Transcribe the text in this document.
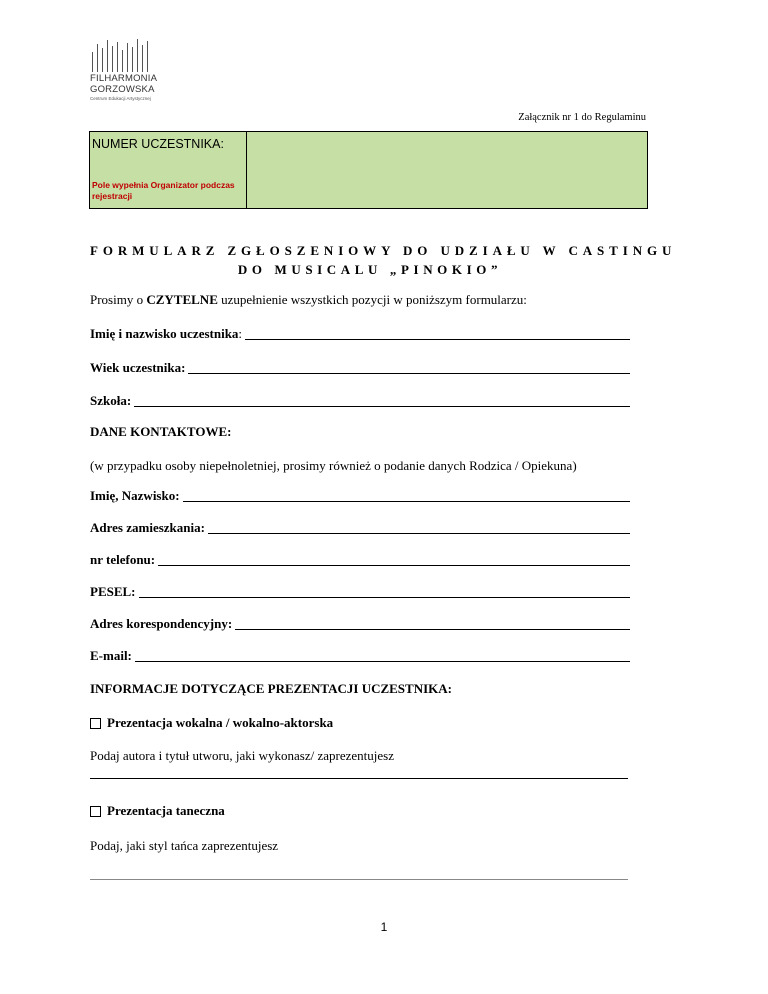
FILHARMONIA
GORZOWSKA
Centrum Edukacji Artystycznej
Załącznik nr 1 do Regulaminu
NUMER UCZESTNIKA:
Pole wypełnia Organizator podczas rejestracji
FORMULARZ ZGŁOSZENIOWY DO UDZIAŁU W CASTINGU
DO MUSICALU „PINOKIO”
Prosimy o CZYTELNE uzupełnienie wszystkich pozycji w poniższym formularzu:
Imię i nazwisko uczestnika :
Wiek uczestnika:
Szkoła:
DANE KONTAKTOWE:
(w przypadku osoby niepełnoletniej, prosimy również o podanie danych Rodzica / Opiekuna)
Imię, Nazwisko:
Adres zamieszkania:
nr telefonu:
PESEL:
Adres korespondencyjny:
E-mail:
INFORMACJE DOTYCZĄCE PREZENTACJI UCZESTNIKA:
Prezentacja wokalna / wokalno-aktorska
Podaj autora i tytuł utworu, jaki wykonasz/ zaprezentujesz
Prezentacja taneczna
Podaj, jaki styl tańca zaprezentujesz
1
